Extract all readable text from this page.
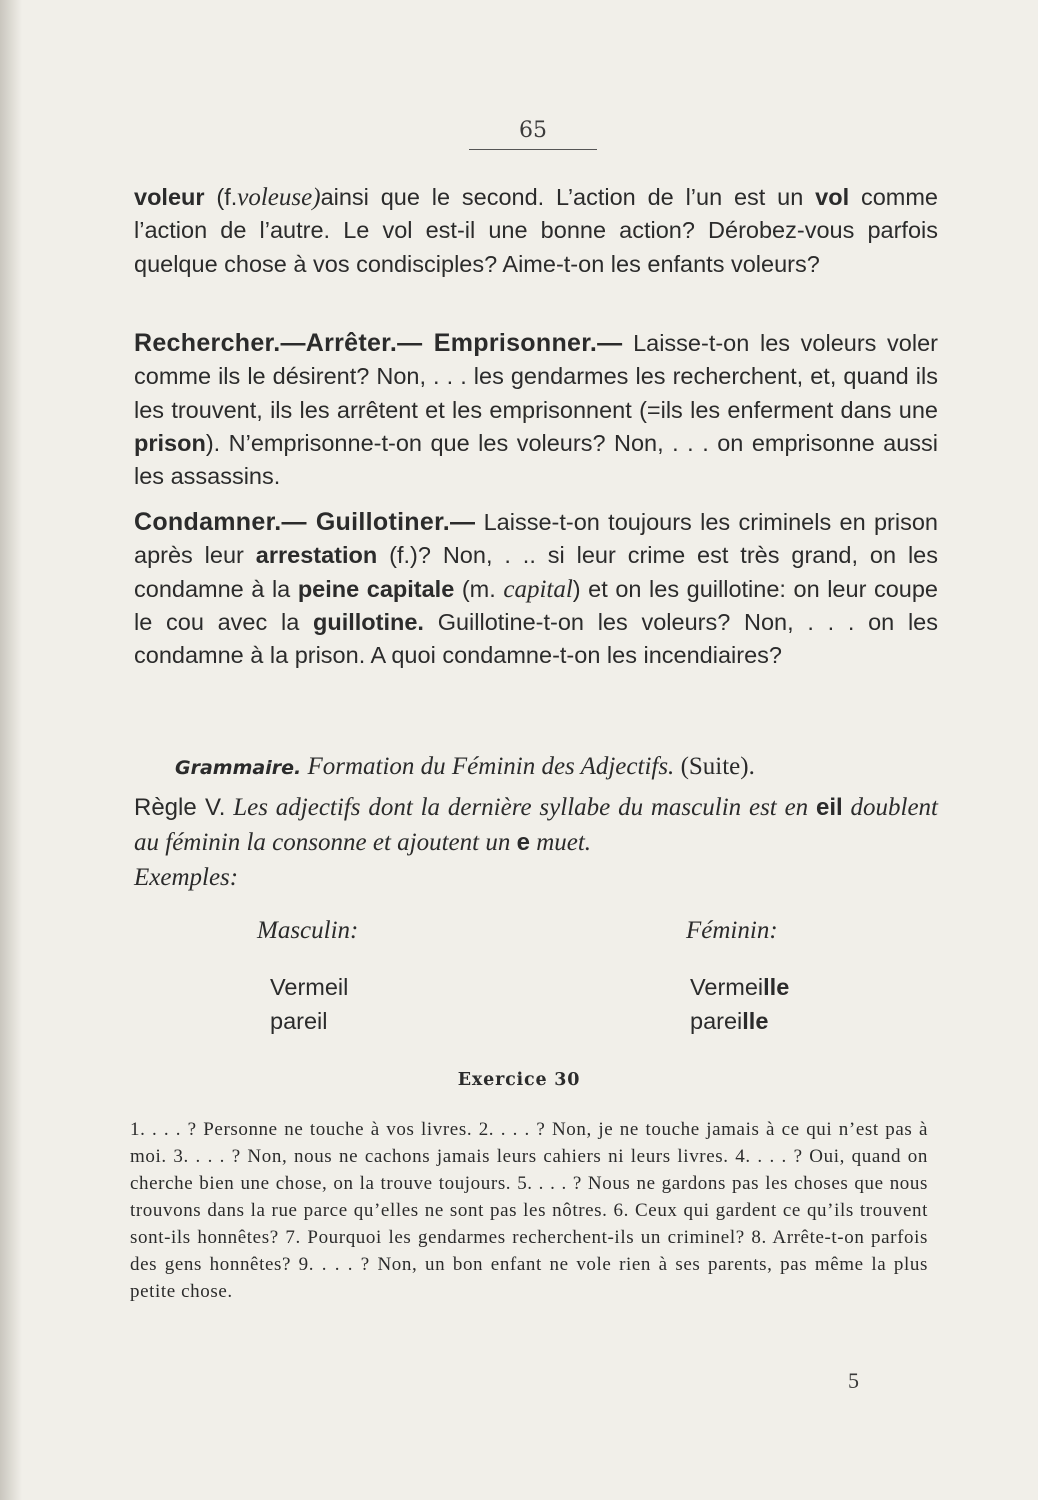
65
voleur (f.voleuse)ainsi que le second. L’action de l’un est un vol comme l’action de l’autre. Le vol est-il une bonne action? Dérobez-vous parfois quelque chose à vos condisciples? Aime-t-on les enfants voleurs?
Rechercher.—Arrêter.— Emprisonner.— Laisse-t-on les voleurs voler comme ils le désirent? Non, . . . les gendarmes les recherchent, et, quand ils les trouvent, ils les arrêtent et les emprisonnent (=ils les enferment dans une prison). N’emprisonne-t-on que les voleurs? Non, . . . on emprisonne aussi les assassins.
Condamner.— Guillotiner.— Laisse-t-on toujours les criminels en prison après leur arrestation (f.)? Non, . .. si leur crime est très grand, on les condamne à la peine capitale (m. capital) et on les guillotine: on leur coupe le cou avec la guillotine. Guillotine-t-on les voleurs? Non, . . . on les condamne à la prison. A quoi condamne-t-on les incendiaires?
Grammaire. Formation du Féminin des Adjectifs. (Suite).
Règle V. Les adjectifs dont la dernière syllabe du masculin est en eil doublent au féminin la consonne et ajoutent un e muet.
Exemples:
Masculin:
Vermeil
pareil
Féminin:
Vermeille
pareille
Exercice 30
1. . . . ? Personne ne touche à vos livres. 2. . . . ? Non, je ne touche jamais à ce qui n’est pas à moi. 3. . . . ? Non, nous ne cachons jamais leurs cahiers ni leurs livres. 4. . . . ? Oui, quand on cherche bien une chose, on la trouve toujours. 5. . . . ? Nous ne gardons pas les choses que nous trouvons dans la rue parce qu’elles ne sont pas les nôtres. 6. Ceux qui gardent ce qu’ils trouvent sont-ils honnêtes? 7. Pourquoi les gendarmes recherchent-ils un criminel? 8. Arrête-t-on parfois des gens honnêtes? 9. . . . ? Non, un bon enfant ne vole rien à ses parents, pas même la plus petite chose.
5
